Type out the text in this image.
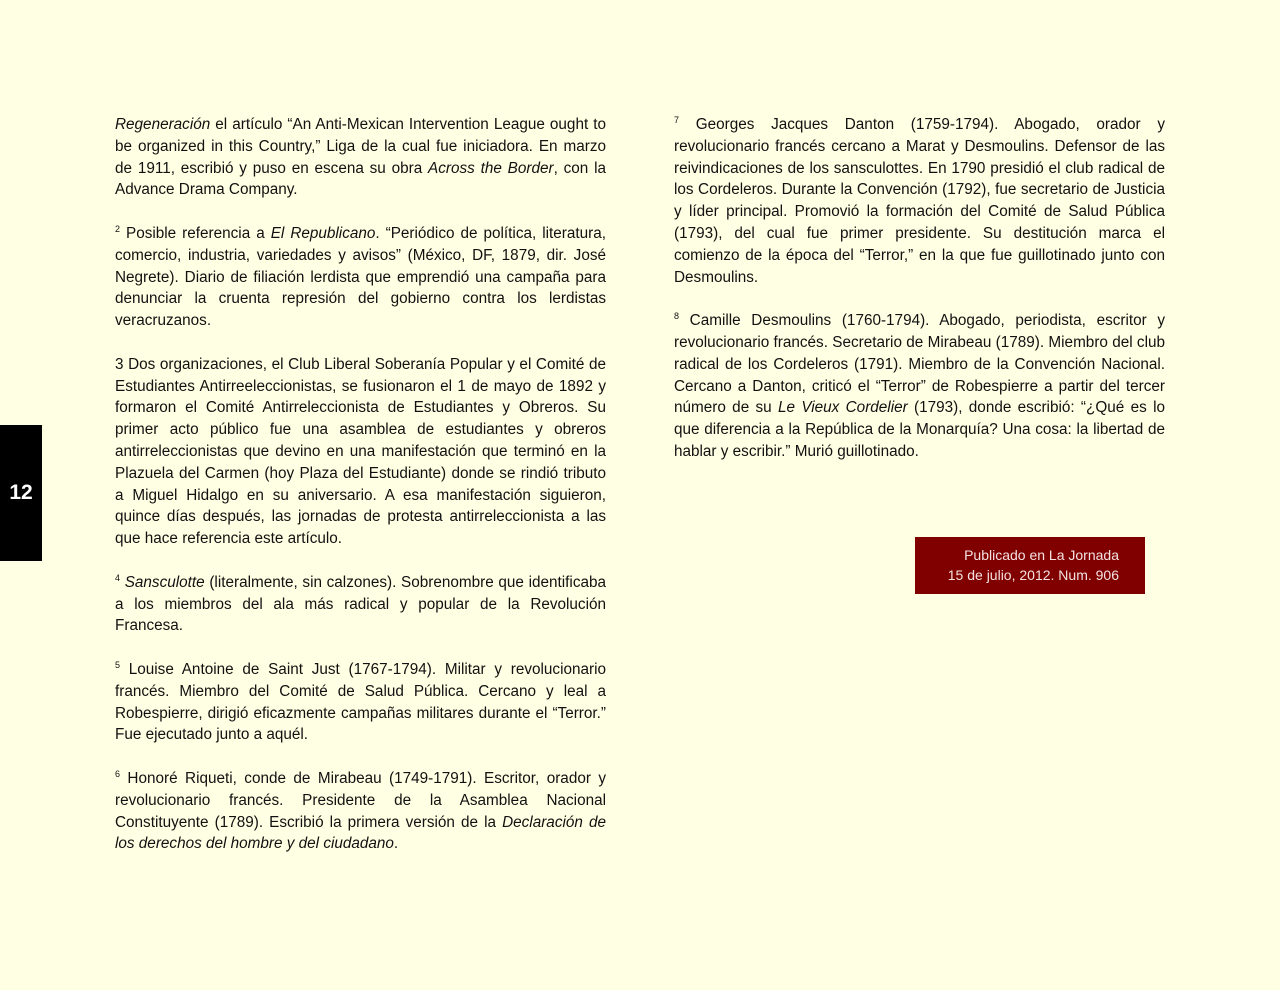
12

Regeneración el artículo “An Anti-Mexican Intervention League ought to be organized in this Country,” Liga de la cual fue iniciadora. En marzo de 1911, escribió y puso en escena su obra Across the Border, con la Advance Drama Company.

$^2$ Posible referencia a El Republicano. “Periódico de política, literatura, comercio, industria, variedades y avisos” (México, DF, 1879, dir. José Negrete). Diario de filiación lerdista que emprendió una campaña para denunciar la cruenta represión del gobierno contra los lerdistas veracruzanos.

3 Dos organizaciones, el Club Liberal Soberanía Popular y el Comité de Estudiantes Antirreeleccionistas, se fusionaron el 1 de mayo de 1892 y formaron el Comité Antirreleccionista de Estudiantes y Obreros. Su primer acto público fue una asamblea de estudiantes y obreros antirreleccionistas que devino en una manifestación que terminó en la Plazuela del Carmen (hoy Plaza del Estudiante) donde se rindió tributo a Miguel Hidalgo en su aniversario. A esa manifestación siguieron, quince días después, las jornadas de protesta antirreleccionista a las que hace referencia este artículo.

$^4$ Sansculotte (literalmente, sin calzones). Sobrenombre que identificaba a los miembros del ala más radical y popular de la Revolución Francesa.

$^5$ Louise Antoine de Saint Just (1767-1794). Militar y revolucionario francés. Miembro del Comité de Salud Pública. Cercano y leal a Robespierre, dirigió eficazmente campañas militares durante el “Terror.” Fue ejecutado junto a aquél.

$^6$ Honoré Riqueti, conde de Mirabeau (1749-1791). Escritor, orador y revolucionario francés. Presidente de la Asamblea Nacional Constituyente (1789). Escribió la primera versión de la Declaración de los derechos del hombre y del ciudadano.

$^7$ Georges Jacques Danton (1759-1794). Abogado, orador y revolucionario francés cercano a Marat y Desmoulins. Defensor de las reivindicaciones de los sansculottes. En 1790 presidió el club radical de los Cordeleros. Durante la Convención (1792), fue secretario de Justicia y líder principal. Promovió la formación del Comité de Salud Pública (1793), del cual fue primer presidente. Su destitución marca el comienzo de la época del “Terror,” en la que fue guillotinado junto con Desmoulins.

$^8$ Camille Desmoulins (1760-1794). Abogado, periodista, escritor y revolucionario francés. Secretario de Mirabeau (1789). Miembro del club radical de los Cordeleros (1791). Miembro de la Convención Nacional. Cercano a Danton, criticó el “Terror” de Robespierre a partir del tercer número de su Le Vieux Cordelier (1793), donde escribió: “¿Qué es lo que diferencia a la República de la Monarquía? Una cosa: la libertad de hablar y escribir.” Murió guillotinado.

Publicado en La Jornada
15 de julio, 2012. Num. 906
